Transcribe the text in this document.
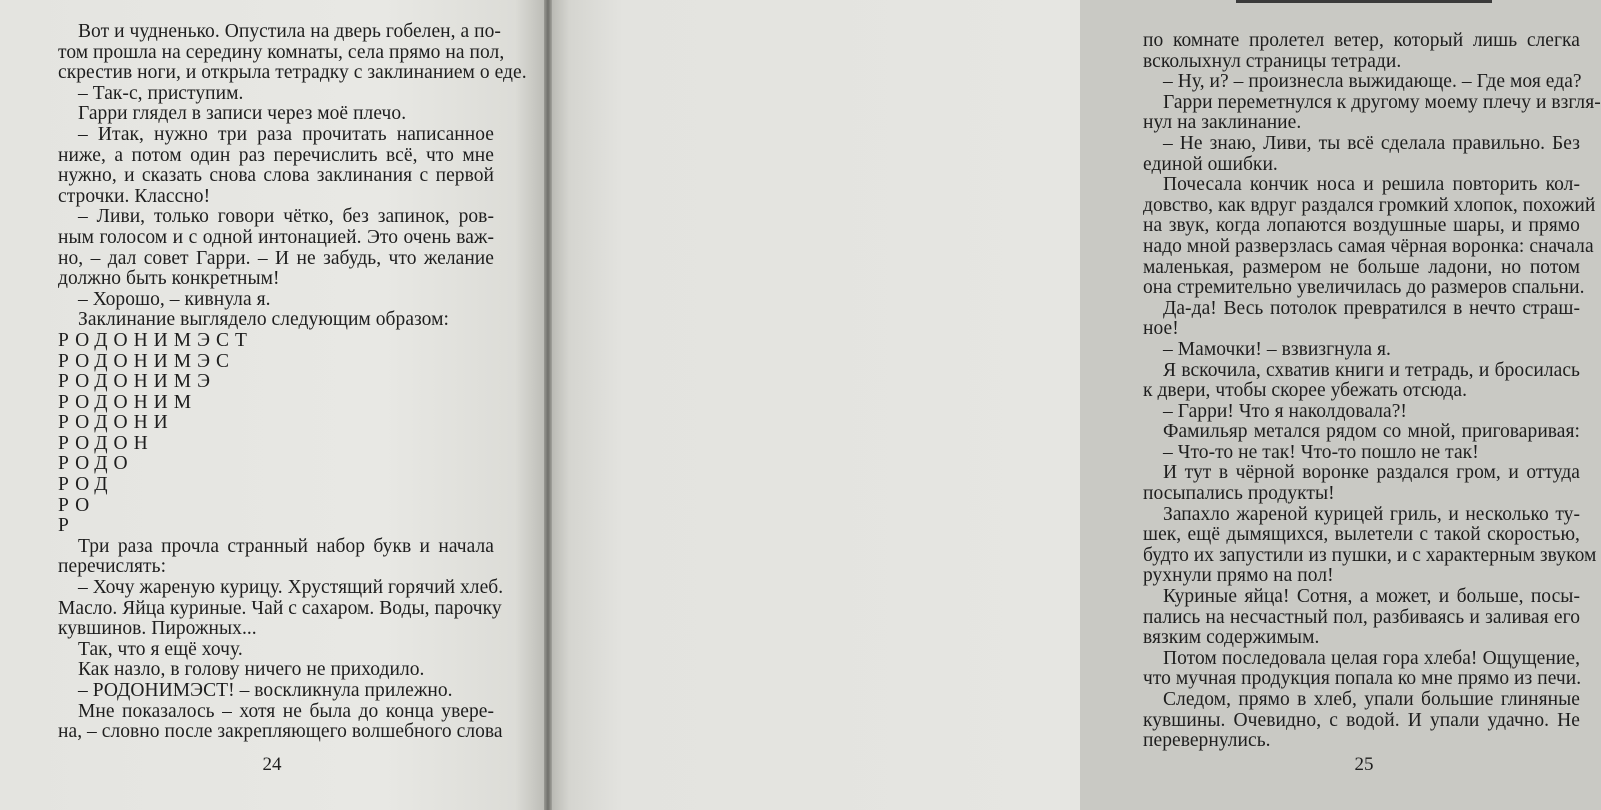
Вот и чудненько. Опустила на дверь гобелен, а по-
том прошла на середину комнаты, села прямо на пол,
скрестив ноги, и открыла тетрадку с заклинанием о еде.
– Так-с, приступим.
Гарри глядел в записи через моё плечо.
– Итак, нужно три раза прочитать написанное
ниже, а потом один раз перечислить всё, что мне
нужно, и сказать снова слова заклинания с первой
строчки. Классно!
– Ливи, только говори чётко, без запинок, ров-
ным голосом и с одной интонацией. Это очень важ-
но, – дал совет Гарри. – И не забудь, что желание
должно быть конкретным!
– Хорошо, – кивнула я.
Заклинание выглядело следующим образом:
РОДОНИМЭСТ
РОДОНИМЭС
РОДОНИМЭ
РОДОНИМ
РОДОНИ
РОДОН
РОДО
РОД
РО
Р
Три раза прочла странный набор букв и начала
перечислять:
– Хочу жареную курицу. Хрустящий горячий хлеб.
Масло. Яйца куриные. Чай с сахаром. Воды, парочку
кувшинов. Пирожных...
Так, что я ещё хочу.
Как назло, в голову ничего не приходило.
– РОДОНИМЭСТ! – воскликнула прилежно.
Мне показалось – хотя не была до конца увере-
на, – словно после закрепляющего волшебного слова
24
по комнате пролетел ветер, который лишь слегка
всколыхнул страницы тетради.
– Ну, и? – произнесла выжидающе. – Где моя еда?
Гарри переметнулся к другому моему плечу и взгля-
нул на заклинание.
– Не знаю, Ливи, ты всё сделала правильно. Без
единой ошибки.
Почесала кончик носа и решила повторить кол-
довство, как вдруг раздался громкий хлопок, похожий
на звук, когда лопаются воздушные шары, и прямо
надо мной разверзлась самая чёрная воронка: сначала
маленькая, размером не больше ладони, но потом
она стремительно увеличилась до размеров спальни.
Да-да! Весь потолок превратился в нечто страш-
ное!
– Мамочки! – взвизгнула я.
Я вскочила, схватив книги и тетрадь, и бросилась
к двери, чтобы скорее убежать отсюда.
– Гарри! Что я наколдовала?!
Фамильяр метался рядом со мной, приговаривая:
– Что-то не так! Что-то пошло не так!
И тут в чёрной воронке раздался гром, и оттуда
посыпались продукты!
Запахло жареной курицей гриль, и несколько ту-
шек, ещё дымящихся, вылетели с такой скоростью,
будто их запустили из пушки, и с характерным звуком
рухнули прямо на пол!
Куриные яйца! Сотня, а может, и больше, посы-
пались на несчастный пол, разбиваясь и заливая его
вязким содержимым.
Потом последовала целая гора хлеба! Ощущение,
что мучная продукция попала ко мне прямо из печи.
Следом, прямо в хлеб, упали большие глиняные
кувшины. Очевидно, с водой. И упали удачно. Не
перевернулись.
25
